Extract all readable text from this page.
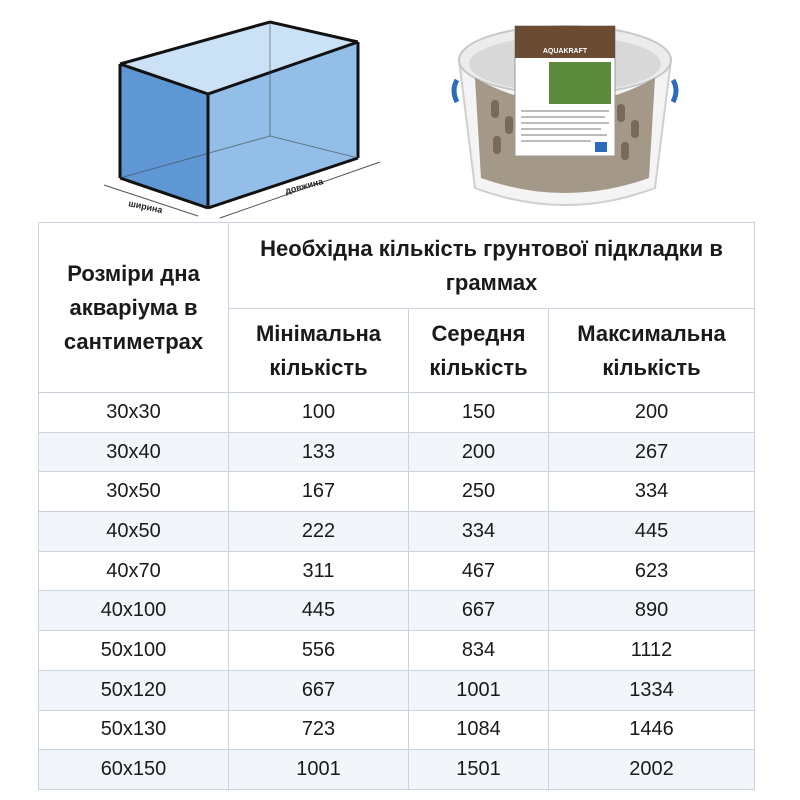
ширина
довжина
AQUAKRAFT
Розміри дна акваріума в сантиметрах	Необхідна кількість грунтової підкладки в граммах		
	Мінімальна кількість	Середня кількість	Максимальна кількість
30x30	100	150	200
30x40	133	200	267
30x50	167	250	334
40x50	222	334	445
40x70	311	467	623
40x100	445	667	890
50x100	556	834	1112
50x120	667	1001	1334
50x130	723	1084	1446
60x150	1001	1501	2002
